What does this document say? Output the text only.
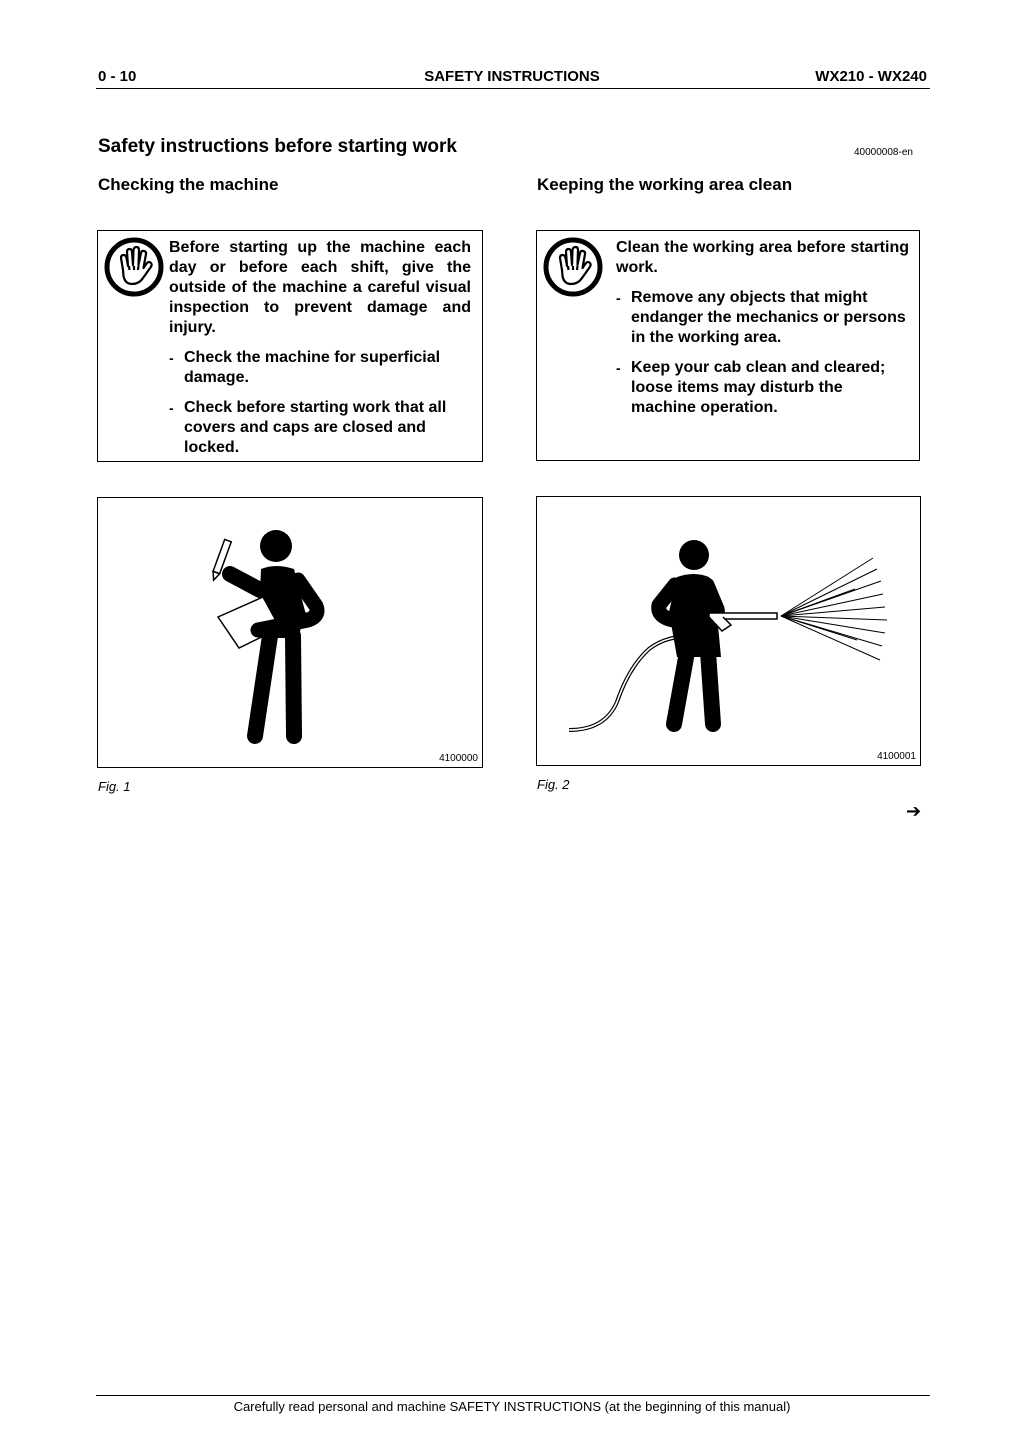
0 - 10	SAFETY INSTRUCTIONS	WX210 - WX240
Safety instructions before starting work	40000008-en
Checking the machine	Keeping the working area clean
Before starting up the machine each day or before each shift, give the outside of the machine a careful visual inspection to prevent damage and injury.
- Check the machine for superficial damage.
- Check before starting work that all covers and caps are closed and locked.
Clean the working area before starting work.
- Remove any objects that might endanger the mechanics or persons in the working area.
- Keep your cab clean and cleared; loose items may disturb the machine operation.
4100000	4100001
Fig. 1	Fig. 2
➔
Carefully read personal and machine SAFETY INSTRUCTIONS (at the beginning of this manual)
